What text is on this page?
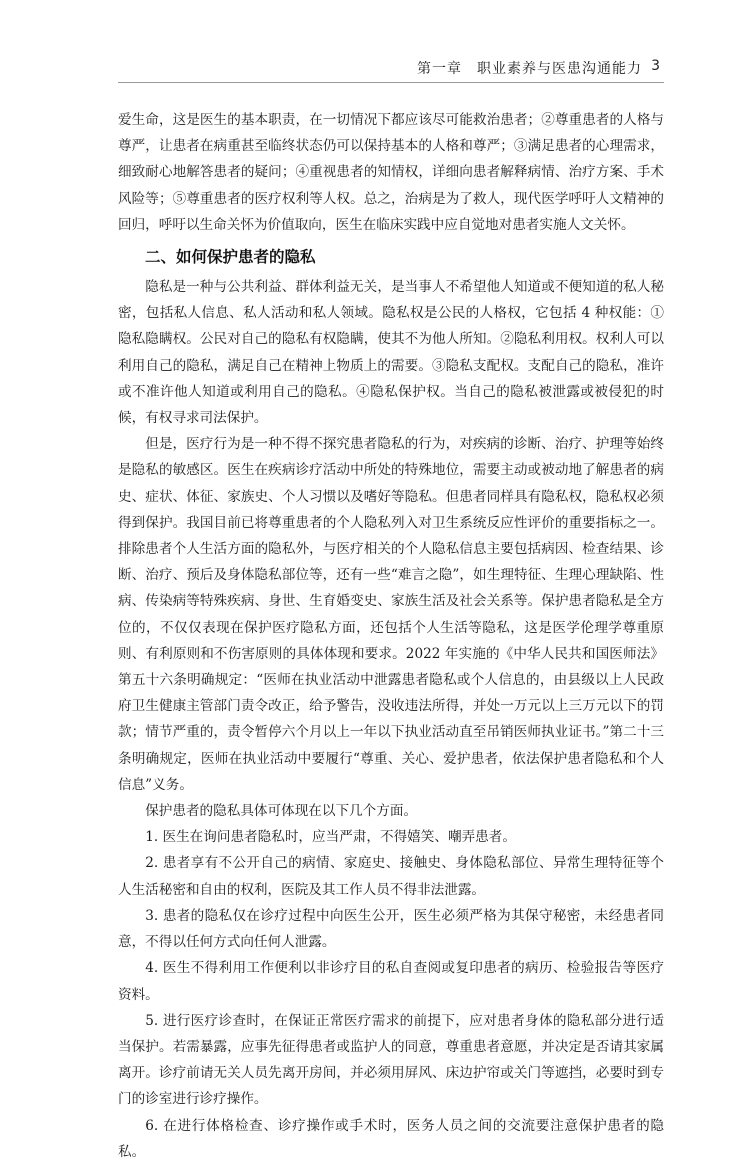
第一章　职业素养与医患沟通能力 3

爱生命，这是医生的基本职责，在一切情况下都应该尽可能救治患者；②尊重患者的人格与尊严，让患者在病重甚至临终状态仍可以保持基本的人格和尊严；③满足患者的心理需求，细致耐心地解答患者的疑问；④重视患者的知情权，详细向患者解释病情、治疗方案、手术风险等；⑤尊重患者的医疗权利等人权。总之，治病是为了救人，现代医学呼吁人文精神的回归，呼吁以生命关怀为价值取向，医生在临床实践中应自觉地对患者实施人文关怀。

二、如何保护患者的隐私

隐私是一种与公共利益、群体利益无关，是当事人不希望他人知道或不便知道的私人秘密，包括私人信息、私人活动和私人领域。隐私权是公民的人格权，它包括 4 种权能：①隐私隐瞒权。公民对自己的隐私有权隐瞒，使其不为他人所知。②隐私利用权。权利人可以利用自己的隐私，满足自己在精神上物质上的需要。③隐私支配权。支配自己的隐私，准许或不准许他人知道或利用自己的隐私。④隐私保护权。当自己的隐私被泄露或被侵犯的时候，有权寻求司法保护。

但是，医疗行为是一种不得不探究患者隐私的行为，对疾病的诊断、治疗、护理等始终是隐私的敏感区。医生在疾病诊疗活动中所处的特殊地位，需要主动或被动地了解患者的病史、症状、体征、家族史、个人习惯以及嗜好等隐私。但患者同样具有隐私权，隐私权必须得到保护。我国目前已将尊重患者的个人隐私列入对卫生系统反应性评价的重要指标之一。排除患者个人生活方面的隐私外，与医疗相关的个人隐私信息主要包括病因、检查结果、诊断、治疗、预后及身体隐私部位等，还有一些“难言之隐”，如生理特征、生理心理缺陷、性病、传染病等特殊疾病、身世、生育婚变史、家族生活及社会关系等。保护患者隐私是全方位的，不仅仅表现在保护医疗隐私方面，还包括个人生活等隐私，这是医学伦理学尊重原则、有利原则和不伤害原则的具体体现和要求。2022 年实施的《中华人民共和国医师法》第五十六条明确规定：“医师在执业活动中泄露患者隐私或个人信息的，由县级以上人民政府卫生健康主管部门责令改正，给予警告，没收违法所得，并处一万元以上三万元以下的罚款；情节严重的，责令暂停六个月以上一年以下执业活动直至吊销医师执业证书。”第二十三条明确规定，医师在执业活动中要履行“尊重、关心、爱护患者，依法保护患者隐私和个人信息”义务。

保护患者的隐私具体可体现在以下几个方面。

1. 医生在询问患者隐私时，应当严肃，不得嬉笑、嘲弄患者。

2. 患者享有不公开自己的病情、家庭史、接触史、身体隐私部位、异常生理特征等个人生活秘密和自由的权利，医院及其工作人员不得非法泄露。

3. 患者的隐私仅在诊疗过程中向医生公开，医生必须严格为其保守秘密，未经患者同意，不得以任何方式向任何人泄露。

4. 医生不得利用工作便利以非诊疗目的私自查阅或复印患者的病历、检验报告等医疗资料。

5. 进行医疗诊查时，在保证正常医疗需求的前提下，应对患者身体的隐私部分进行适当保护。若需暴露，应事先征得患者或监护人的同意，尊重患者意愿，并决定是否请其家属离开。诊疗前请无关人员先离开房间，并必须用屏风、床边护帘或关门等遮挡，必要时到专门的诊室进行诊疗操作。

6. 在进行体格检查、诊疗操作或手术时，医务人员之间的交流要注意保护患者的隐私。
